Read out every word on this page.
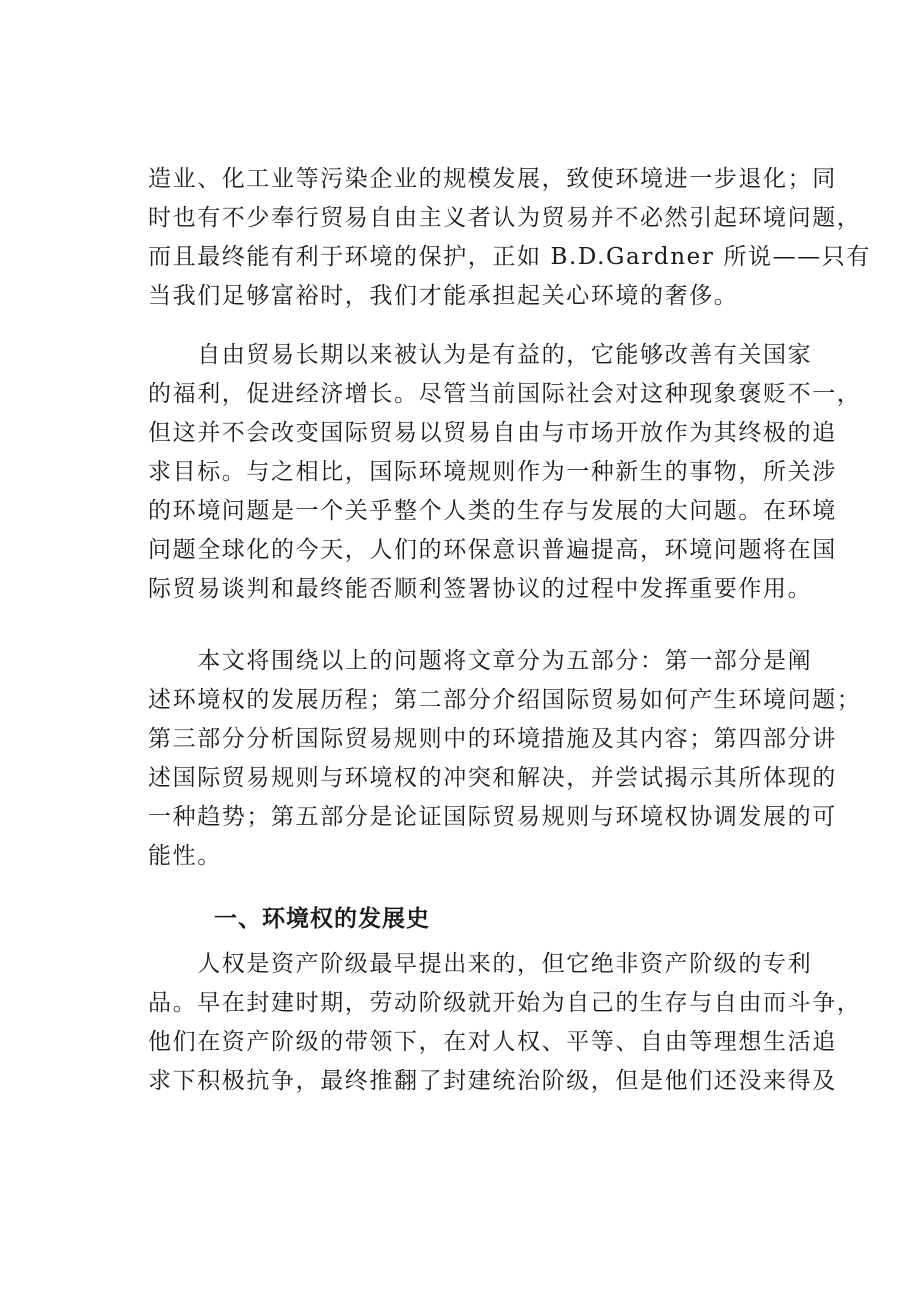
造业、化工业等污染企业的规模发展，致使环境进一步退化；同
时也有不少奉行贸易自由主义者认为贸易并不必然引起环境问题，
而且最终能有利于环境的保护，正如 B.D.Gardner 所说——只有
当我们足够富裕时，我们才能承担起关心环境的奢侈。
　　自由贸易长期以来被认为是有益的，它能够改善有关国家
的福利，促进经济增长。尽管当前国际社会对这种现象褒贬不一，
但这并不会改变国际贸易以贸易自由与市场开放作为其终极的追
求目标。与之相比，国际环境规则作为一种新生的事物，所关涉
的环境问题是一个关乎整个人类的生存与发展的大问题。在环境
问题全球化的今天，人们的环保意识普遍提高，环境问题将在国
际贸易谈判和最终能否顺利签署协议的过程中发挥重要作用。
　　本文将围绕以上的问题将文章分为五部分：第一部分是阐
述环境权的发展历程；第二部分介绍国际贸易如何产生环境问题；
第三部分分析国际贸易规则中的环境措施及其内容；第四部分讲
述国际贸易规则与环境权的冲突和解决，并尝试揭示其所体现的
一种趋势；第五部分是论证国际贸易规则与环境权协调发展的可
能性。
一、环境权的发展史
　　人权是资产阶级最早提出来的，但它绝非资产阶级的专利
品。早在封建时期，劳动阶级就开始为自己的生存与自由而斗争，
他们在资产阶级的带领下，在对人权、平等、自由等理想生活追
求下积极抗争，最终推翻了封建统治阶级，但是他们还没来得及
